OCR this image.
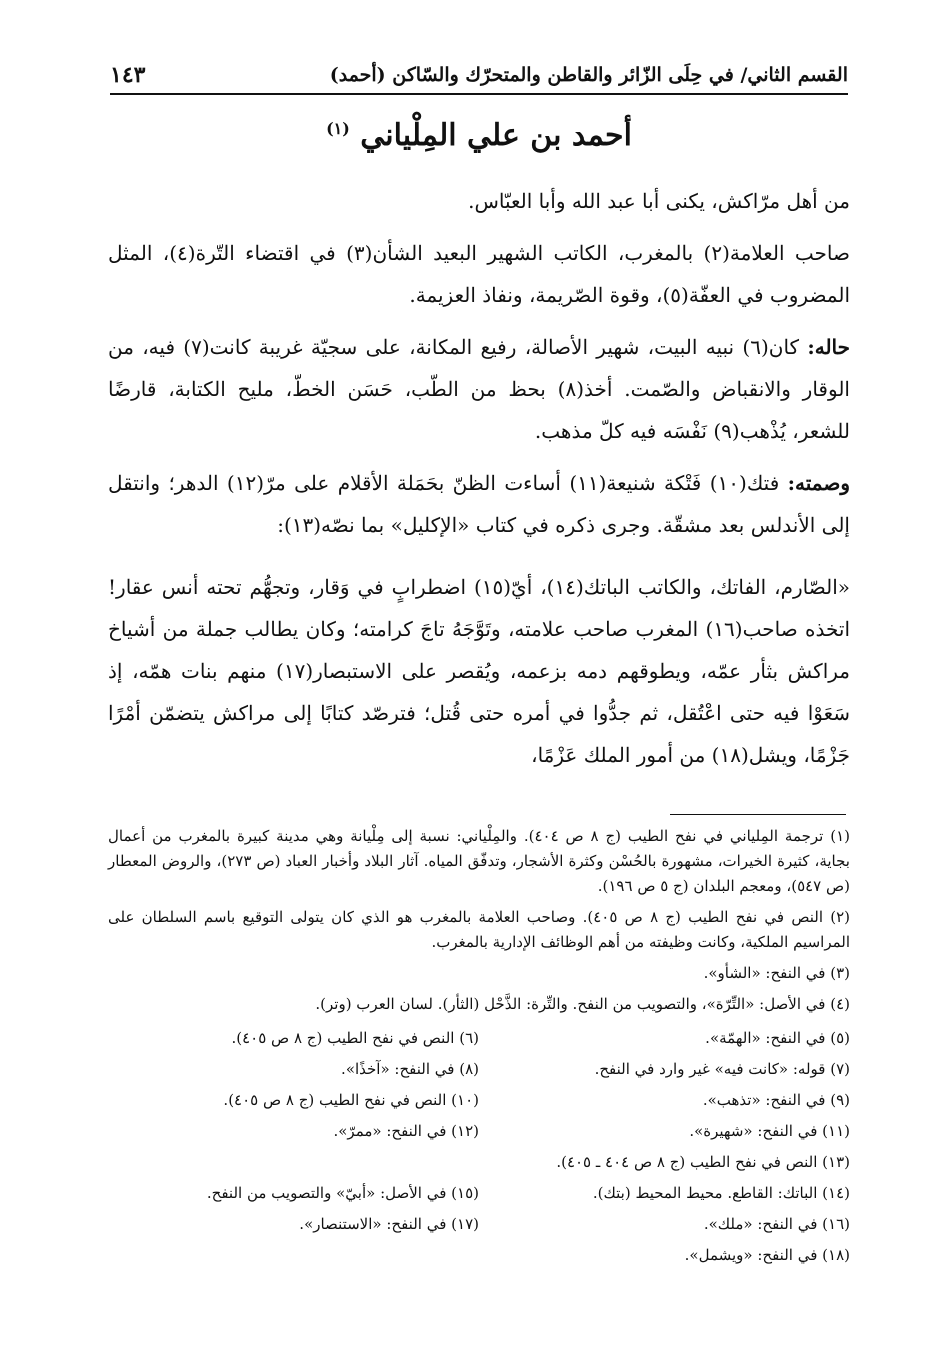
القسم الثاني/ في حِلَى الزّائر والقاطن والمتحرّك والسّاكن (أحمد)
١٤٣
أحمد بن علي المِلْياني $^{(١)}$

من أهل مرّاكش، يكنى أبا عبد الله وأبا العبّاس.

صاحب العلامة(٢) بالمغرب، الكاتب الشهير البعيد الشأن(٣) في اقتضاء التّرة(٤)، المثل المضروب في العفّة(٥)، وقوة الصّريمة، ونفاذ العزيمة.

حاله: كان(٦) نبيه البيت، شهير الأصالة، رفيع المكانة، على سجيّة غريبة كانت(٧) فيه، من الوقار والانقباض والصّمت. أخذ(٨) بحظ من الطّب، حَسَن الخطّ، مليح الكتابة، قارضًا للشعر، يُذْهب(٩) نَفْسَه فيه كلّ مذهب.

وصمته: فتك(١٠) فَتْكة شنيعة(١١) أساءت الظنّ بحَمَلة الأقلام على مرّ(١٢) الدهر؛ وانتقل إلى الأندلس بعد مشقّة. وجرى ذكره في كتاب «الإكليل» بما نصّه(١٣):

«الصّارم، الفاتك، والكاتب الباتك(١٤)، أيّ(١٥) اضطرابٍ في وَقار، وتجهُّم تحته أنس عقار! اتخذه صاحب(١٦) المغرب صاحب علامته، وتَوَّجَهُ تاجَ كرامته؛ وكان يطالب جملة من أشياخ مراكش بثأر عمّه، ويطوقهم دمه بزعمه، ويُقصر على الاستبصار(١٧) منهم بنات همّه، إذ سَعَوْا فيه حتى اعْتُقل، ثم جدُّوا في أمره حتى قُتل؛ فترصّد كتابًا إلى مراكش يتضمّن أمْرًا جَزْمًا، ويشل(١٨) من أمور الملك عَزْمًا،

(١) ترجمة المِلياني في نفح الطيب (ج ٨ ص ٤٠٤). والمِلْياني: نسبة إلى مِلْيانة وهي مدينة كبيرة بالمغرب من أعمال بجاية، كثيرة الخيرات، مشهورة بالحُسْن وكثرة الأشجار، وتدفّق المياه. آثار البلاد وأخبار العباد (ص ٢٧٣)، والروض المعطار (ص ٥٤٧)، ومعجم البلدان (ج ٥ ص ١٩٦).
(٢) النص في نفح الطيب (ج ٨ ص ٤٠٥). وصاحب العلامة بالمغرب هو الذي كان يتولى التوقيع باسم السلطان على المراسيم الملكية، وكانت وظيفته من أهم الوظائف الإدارية بالمغرب.
(٣) في النفح: «الشأو».
(٤) في الأصل: «التِّرّة»، والتصويب من النفح. والتِّرة: الذَّحْل (الثأر). لسان العرب (وتر).
(٥) في النفح: «الهمّة».
(٦) النص في نفح الطيب (ج ٨ ص ٤٠٥).
(٧) قوله: «كانت فيه» غير وارد في النفح.
(٨) في النفح: «آخذًا».
(٩) في النفح: «تذهب».
(١٠) النص في نفح الطيب (ج ٨ ص ٤٠٥).
(١١) في النفح: «شهيرة».
(١٢) في النفح: «ممرّ».
(١٣) النص في نفح الطيب (ج ٨ ص ٤٠٤ ـ ٤٠٥).
(١٤) الباتك: القاطع. محيط المحيط (بتك).
(١٥) في الأصل: «أبيّ» والتصويب من النفح.
(١٦) في النفح: «ملك».
(١٧) في النفح: «الاستنصار».
(١٨) في النفح: «ويشمل».
